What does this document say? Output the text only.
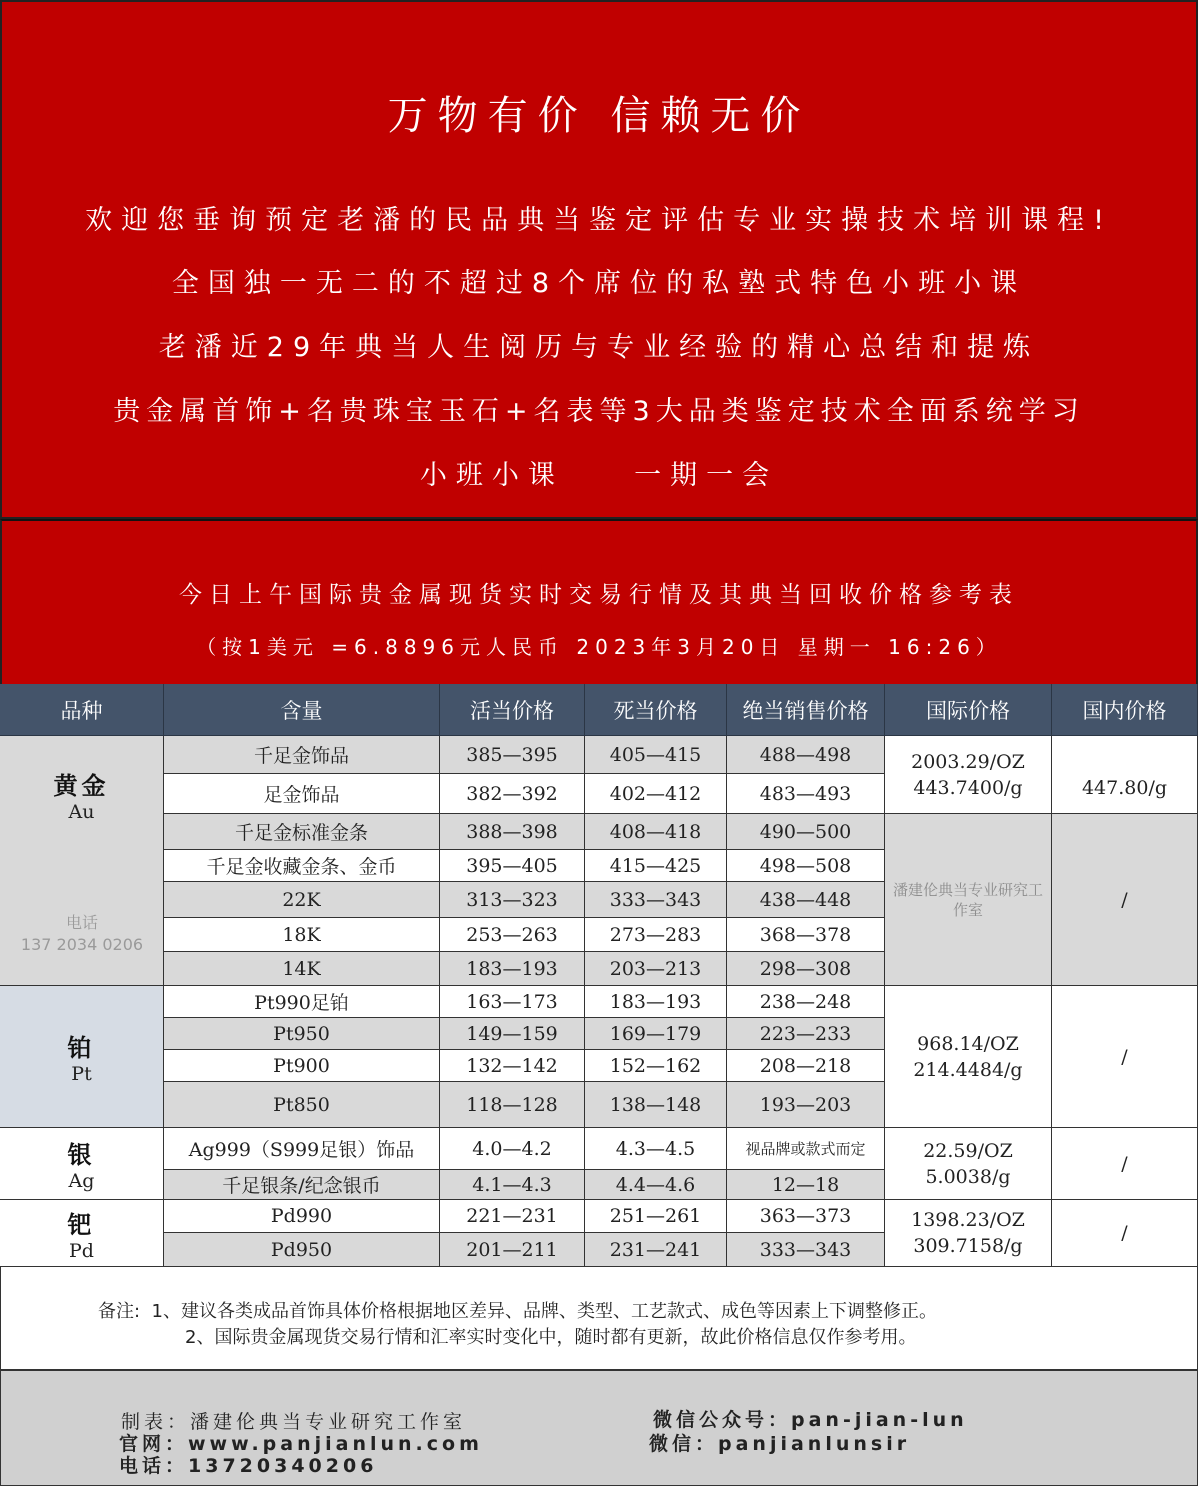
万物有价 信赖无价
欢迎您垂询预定老潘的民品典当鉴定评估专业实操技术培训课程!
全国独一无二的不超过8个席位的私塾式特色小班小课
老潘近29年典当人生阅历与专业经验的精心总结和提炼
贵金属首饰+名贵珠宝玉石+名表等3大品类鉴定技术全面系统学习
小班小课    一期一会
今日上午国际贵金属现货实时交易行情及其典当回收价格参考表
（按1美元 =6.8896元人民币 2023年3月20日 星期一 16:26）
品种	含量	活当价格	死当价格	绝当销售价格	国际价格	国内价格
黄金
Au
电话
137 2034 0206
千足金饰品	385—395	405—415	488—498
足金饰品	382—392	402—412	483—493
2003.29/OZ
443.7400/g	447.80/g
千足金标准金条	388—398	408—418	490—500
千足金收藏金条、金币	395—405	415—425	498—508
22K	313—323	333—343	438—448
18K	253—263	273—283	368—378
14K	183—193	203—213	298—308
潘建伦典当专业研究工作室	/
铂
Pt
Pt990足铂	163—173	183—193	238—248
Pt950	149—159	169—179	223—233
Pt900	132—142	152—162	208—218
Pt850	118—128	138—148	193—203
968.14/OZ
214.4484/g
/
银
Ag
Ag999（S999足银）饰品	4.0—4.2	4.3—4.5	视品牌或款式而定
千足银条/纪念银币	4.1—4.3	4.4—4.6	12—18
22.59/OZ
5.0038/g
/
钯
Pd
Pd990	221—231	251—261	363—373
Pd950	201—211	231—241	333—343
1398.23/OZ
309.7158/g
/
备注:  1、建议各类成品首饰具体价格根据地区差异、品牌、类型、工艺款式、成色等因素上下调整修正。
2、国际贵金属现货交易行情和汇率实时变化中，随时都有更新，故此价格信息仅作参考用。
制表：潘建伦典当专业研究工作室
官网：www.panjianlun.com
电话：13720340206
微信公众号：pan-jian-lun
微信：panjianlunsir
